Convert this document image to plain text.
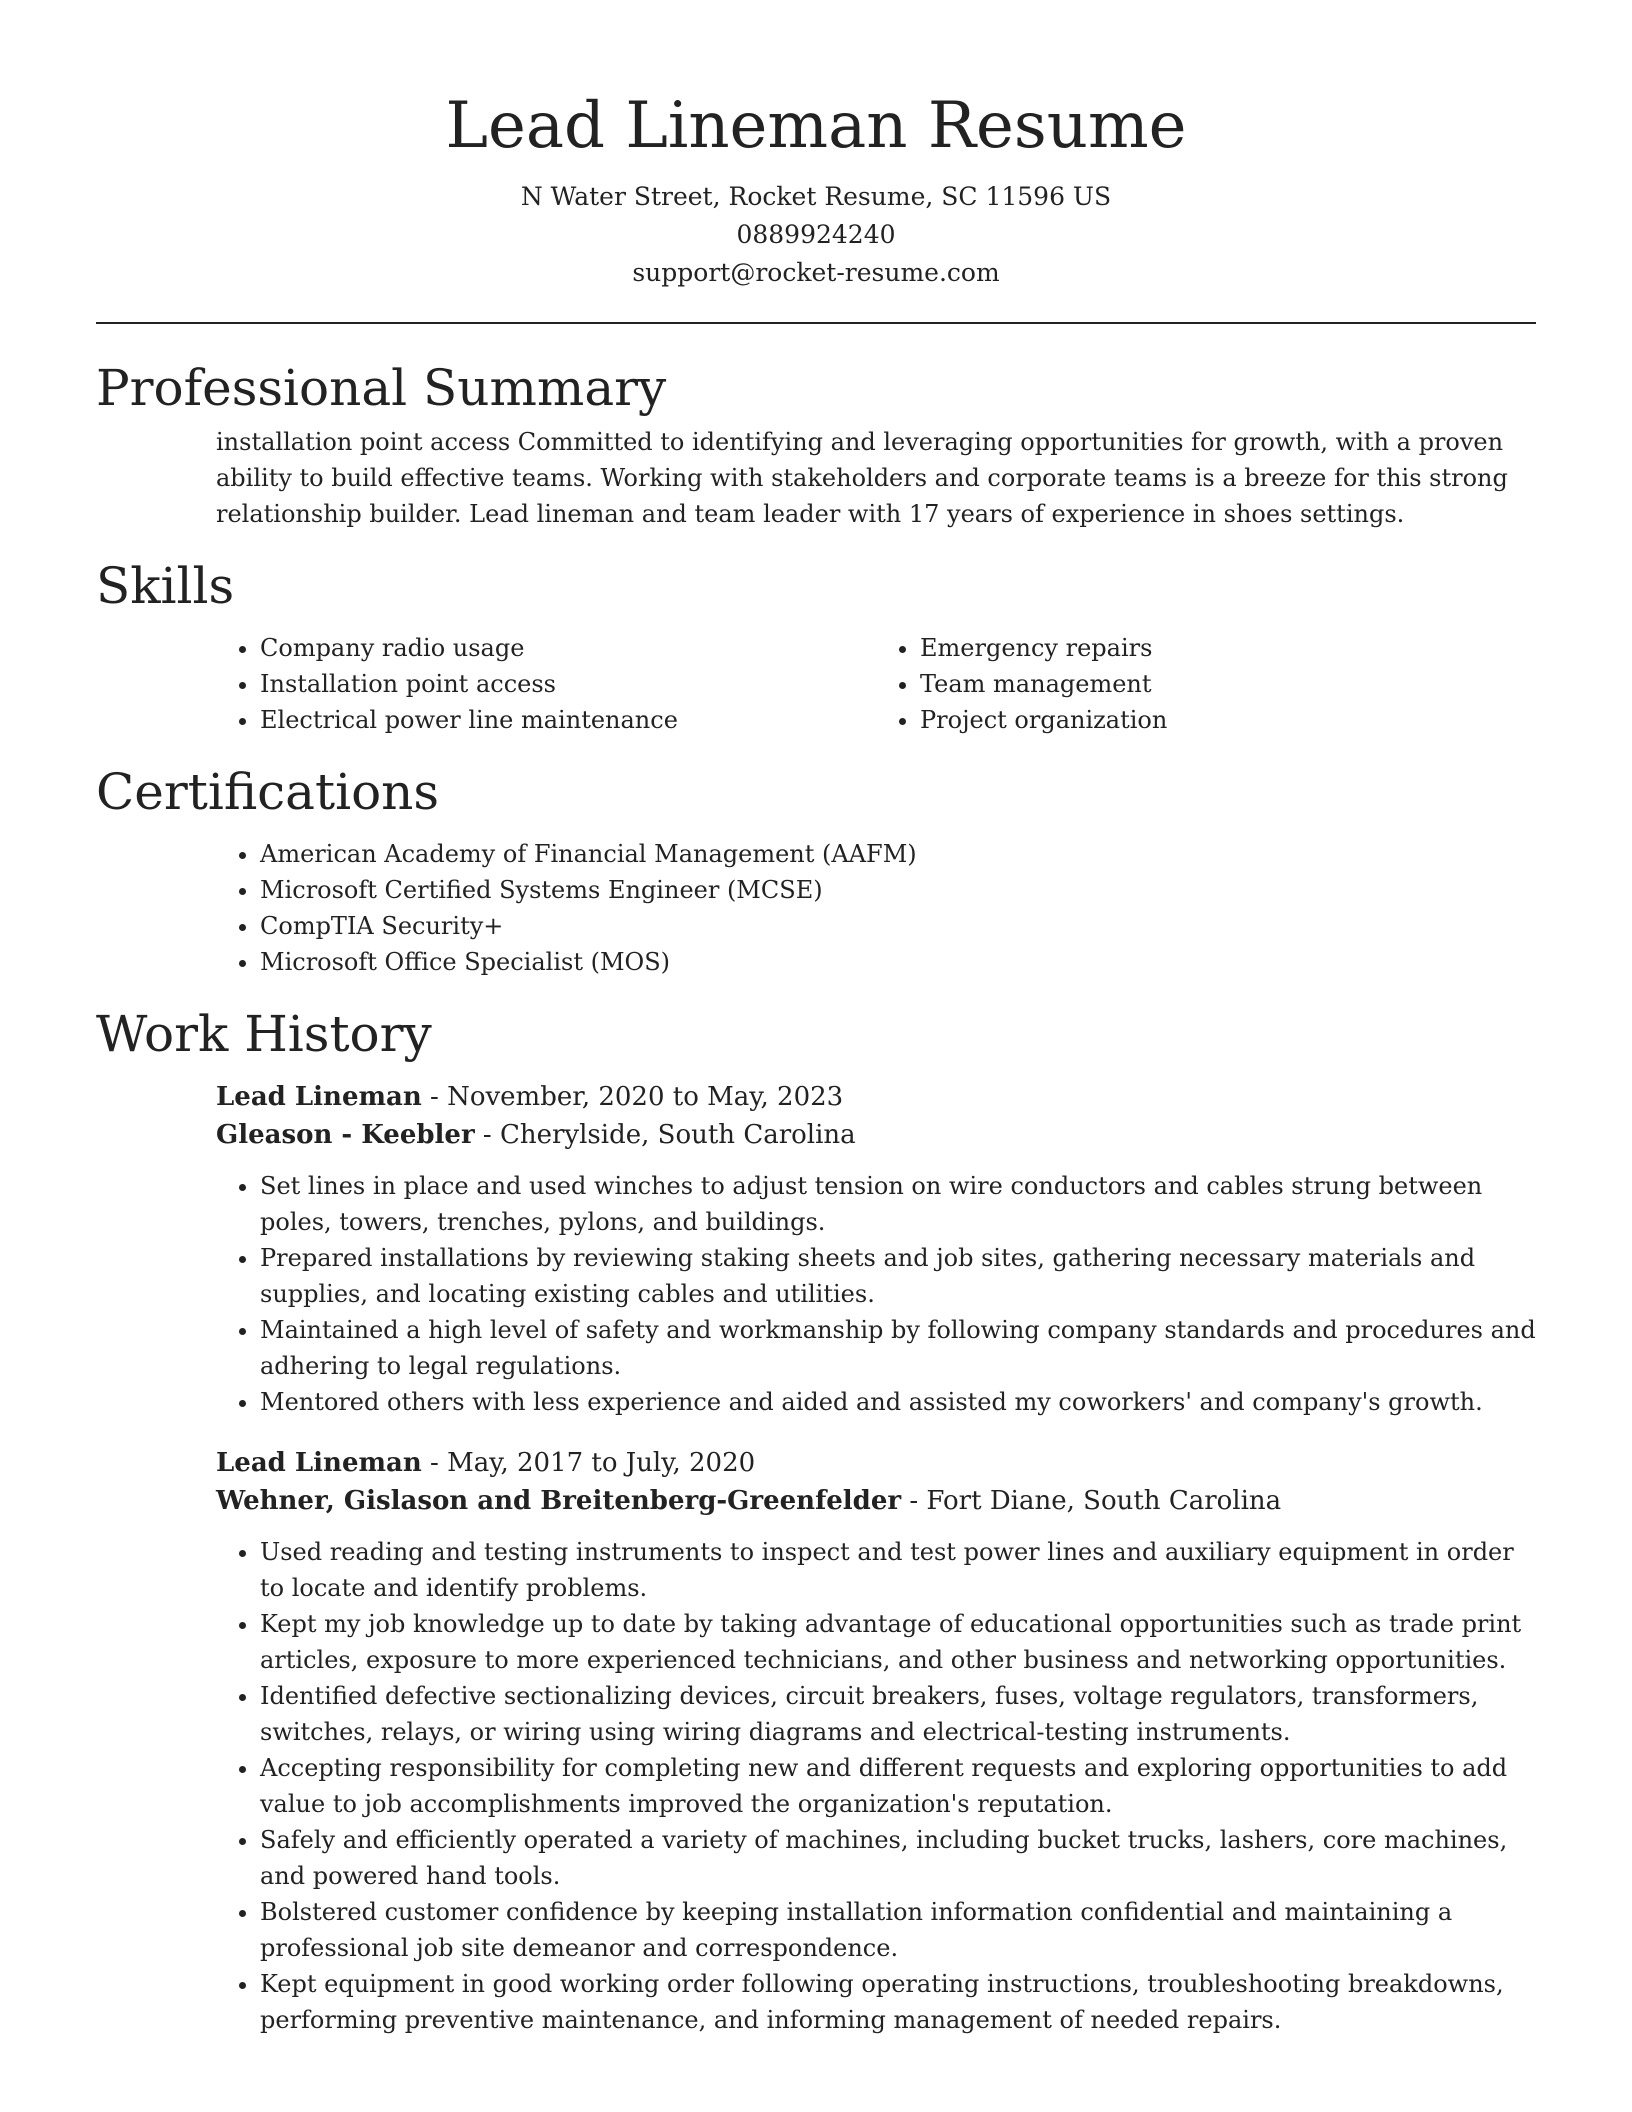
Lead Lineman Resume
N Water Street, Rocket Resume, SC 11596 US
0889924240
support@rocket-resume.com
Professional Summary

installation point access Committed to identifying and leveraging opportunities for growth, with a proven ability to build effective teams. Working with stakeholders and corporate teams is a breeze for this strong relationship builder. Lead lineman and team leader with 17 years of experience in shoes settings.

Skills
• Company radio usage
• Installation point access
• Electrical power line maintenance
• Emergency repairs
• Team management
• Project organization
Certifications
• American Academy of Financial Management (AAFM)
• Microsoft Certified Systems Engineer (MCSE)
• CompTIA Security+
• Microsoft Office Specialist (MOS)
Work History
Lead Lineman - November, 2020 to May, 2023
Gleason - Keebler - Cherylside, South Carolina
• Set lines in place and used winches to adjust tension on wire conductors and cables strung between poles, towers, trenches, pylons, and buildings.
• Prepared installations by reviewing staking sheets and job sites, gathering necessary materials and supplies, and locating existing cables and utilities.
• Maintained a high level of safety and workmanship by following company standards and procedures and adhering to legal regulations.
• Mentored others with less experience and aided and assisted my coworkers' and company's growth.
Lead Lineman - May, 2017 to July, 2020
Wehner, Gislason and Breitenberg-Greenfelder - Fort Diane, South Carolina
• Used reading and testing instruments to inspect and test power lines and auxiliary equipment in order to locate and identify problems.
• Kept my job knowledge up to date by taking advantage of educational opportunities such as trade print articles, exposure to more experienced technicians, and other business and networking opportunities.
• Identified defective sectionalizing devices, circuit breakers, fuses, voltage regulators, transformers, switches, relays, or wiring using wiring diagrams and electrical-testing instruments.
• Accepting responsibility for completing new and different requests and exploring opportunities to add value to job accomplishments improved the organization's reputation.
• Safely and efficiently operated a variety of machines, including bucket trucks, lashers, core machines, and powered hand tools.
• Bolstered customer confidence by keeping installation information confidential and maintaining a professional job site demeanor and correspondence.
• Kept equipment in good working order following operating instructions, troubleshooting breakdowns, performing preventive maintenance, and informing management of needed repairs.
